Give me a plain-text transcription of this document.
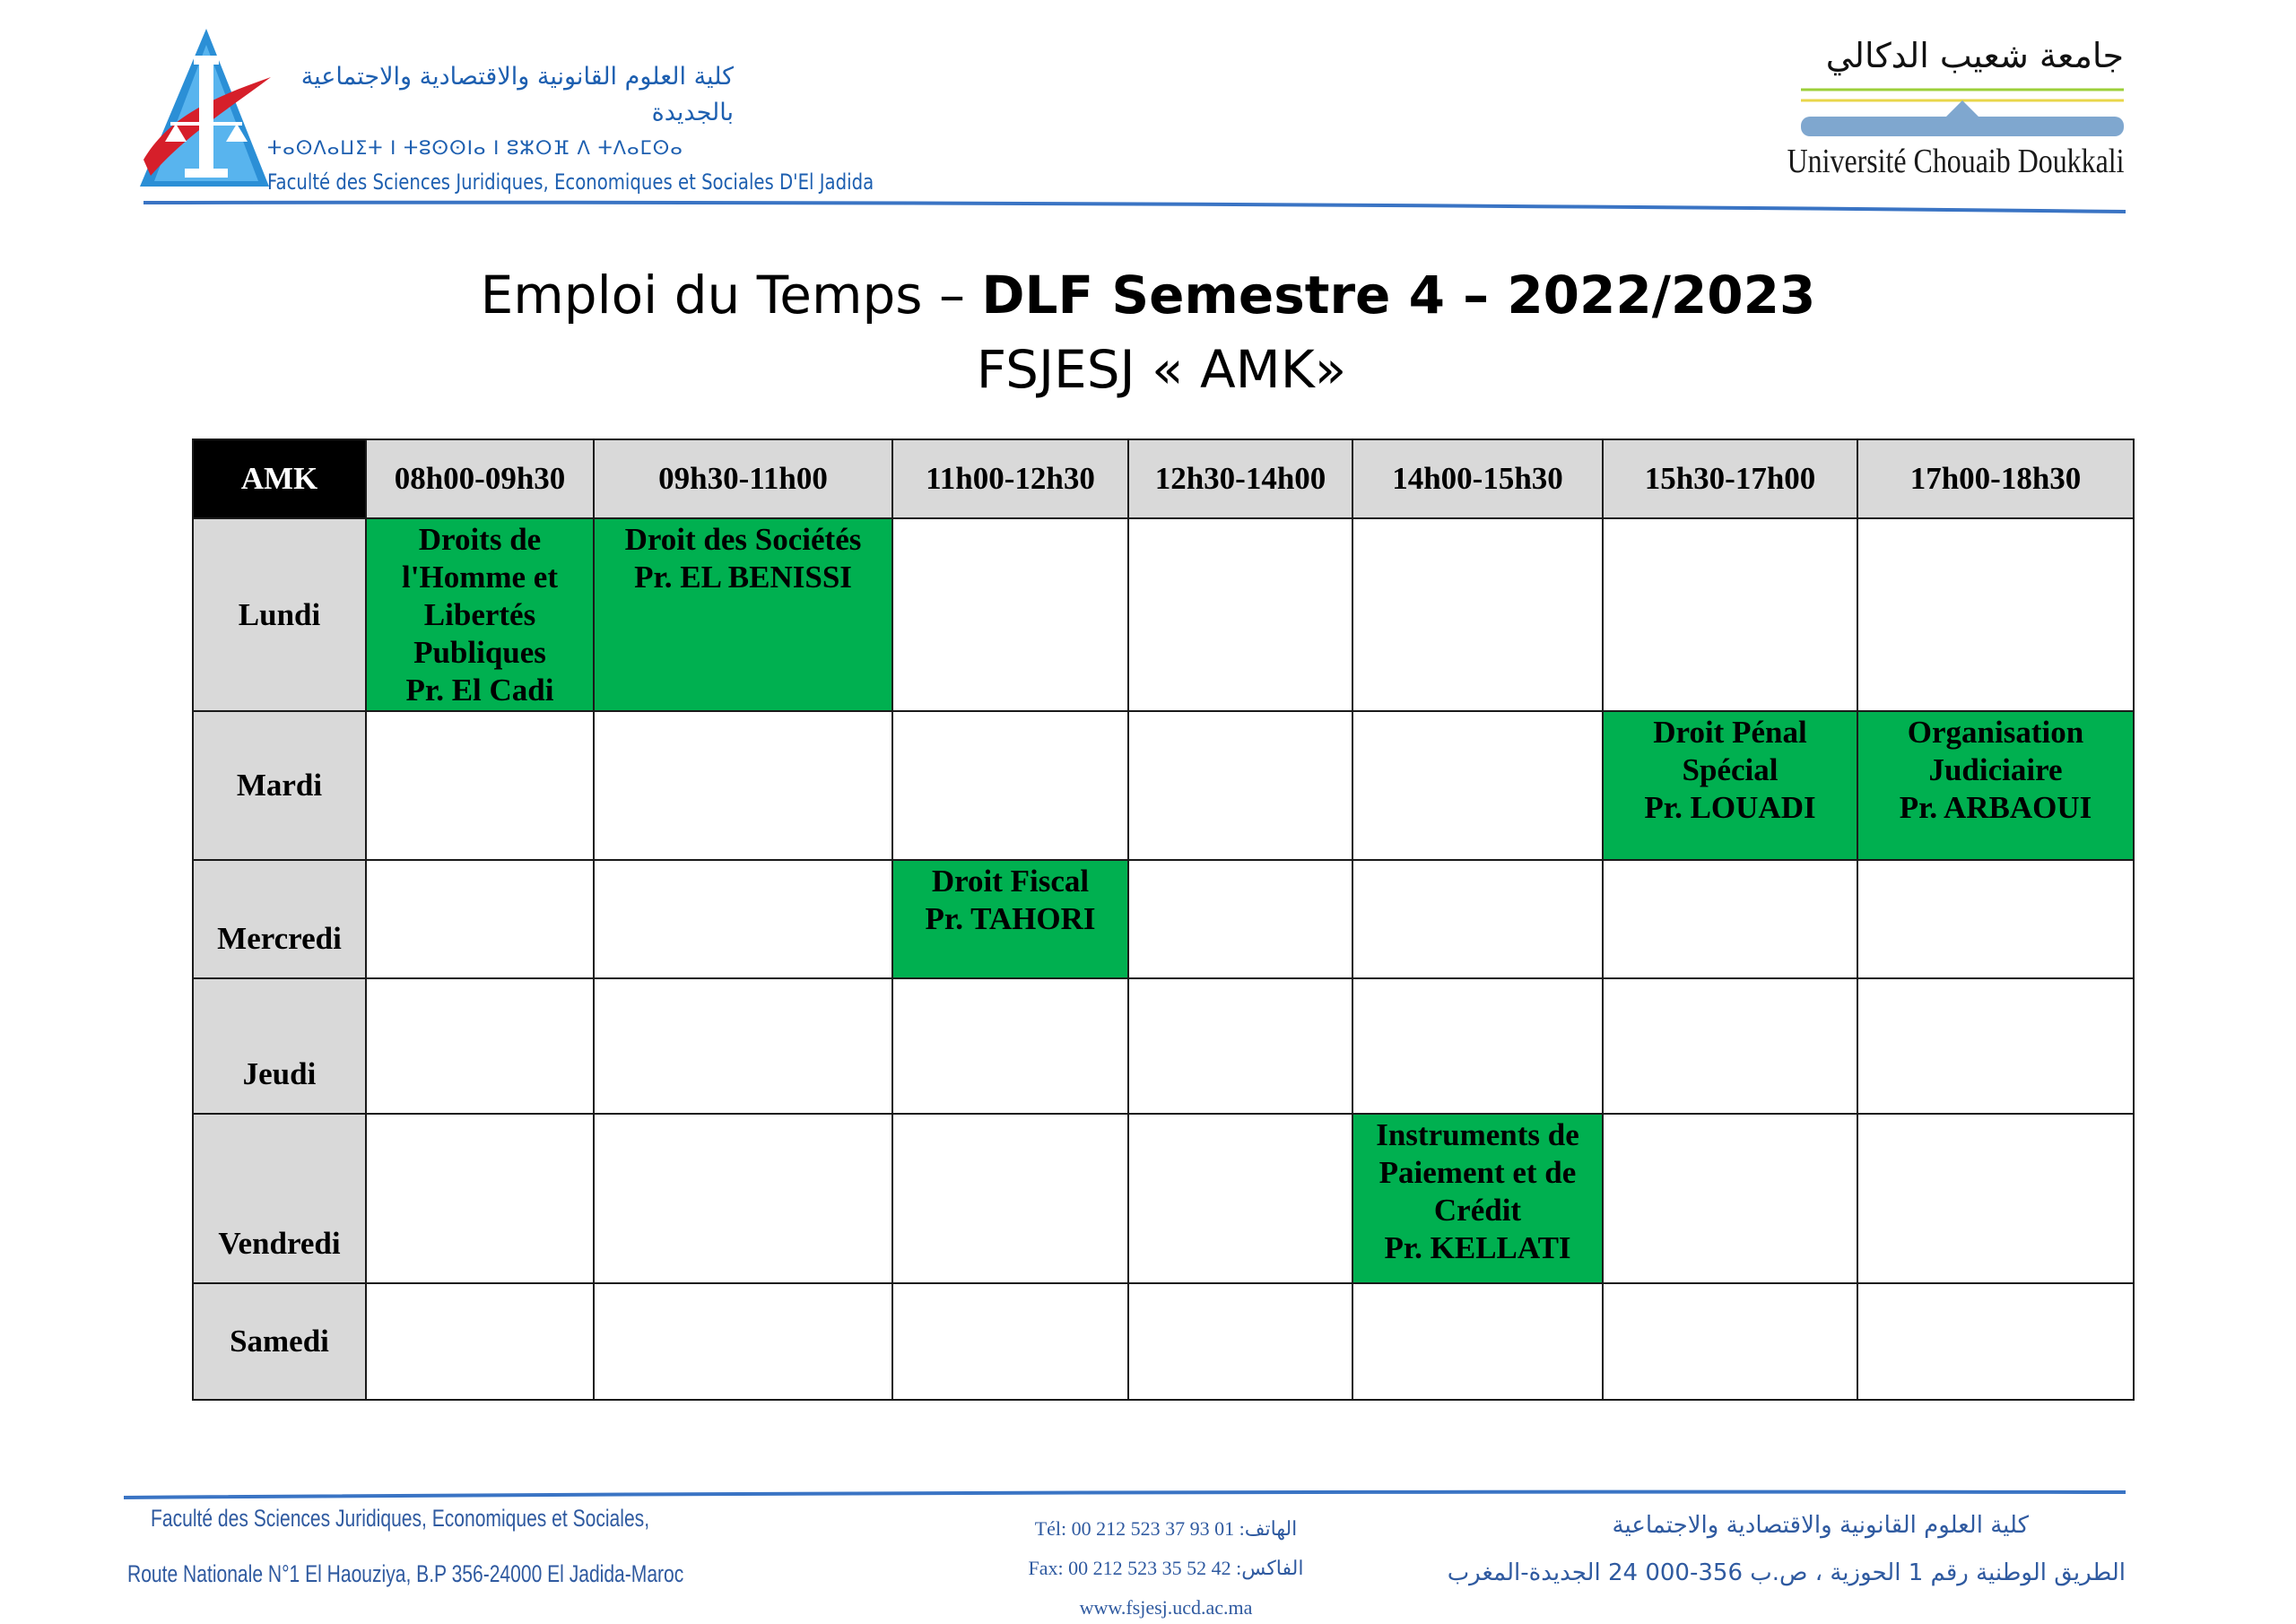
كلية العلوم القانونية والاقتصادية والاجتماعية بالجديدة
ⵜⴰⵙⴷⴰⵡⵉⵜ ⵏ ⵜⵓⵙⵙⵏⴰ ⵏ ⵓⵣⵔⴼ ⴷ ⵜⴷⴰⵎⵙⴰ
Faculté des Sciences Juridiques, Economiques et Sociales D'El Jadida
جامعة شعيب الدكالي
Université Chouaib Doukkali
Emploi du Temps – DLF Semestre 4 – 2022/2023
FSJESJ « AMK»
AMK	08h00-09h30	09h30-11h00	11h00-12h30	12h30-14h00	14h00-15h30	15h30-17h00	17h00-18h30
Lundi	Droits de
l'Homme et
Libertés
Publiques
Pr. El Cadi	Droit des Sociétés
Pr. EL BENISSI					

Mardi						Droit Pénal
Spécial
Pr. LOUADI	Organisation
Judiciaire
Pr. ARBAOUI

Mercredi			Droit Fiscal
Pr. TAHORI				

Jeudi							
Vendredi					Instruments de
Paiement et de
Crédit
Pr. KELLATI		

Samedi							
Faculté des Sciences Juridiques, Economiques et Sociales,
Route Nationale N°1 El Haouziya, B.P 356-24000 El Jadida-Maroc
Tél: 00 212 523 37 93 01 :الهاتف
Fax: 00 212 523 35 52 42 :الفاكس
www.fsjesj.ucd.ac.ma
كلية العلوم القانونية والاقتصادية والاجتماعية
الطريق الوطنية رقم 1 الحوزية ، ص.ب 356-000 24 الجديدة-المغرب
